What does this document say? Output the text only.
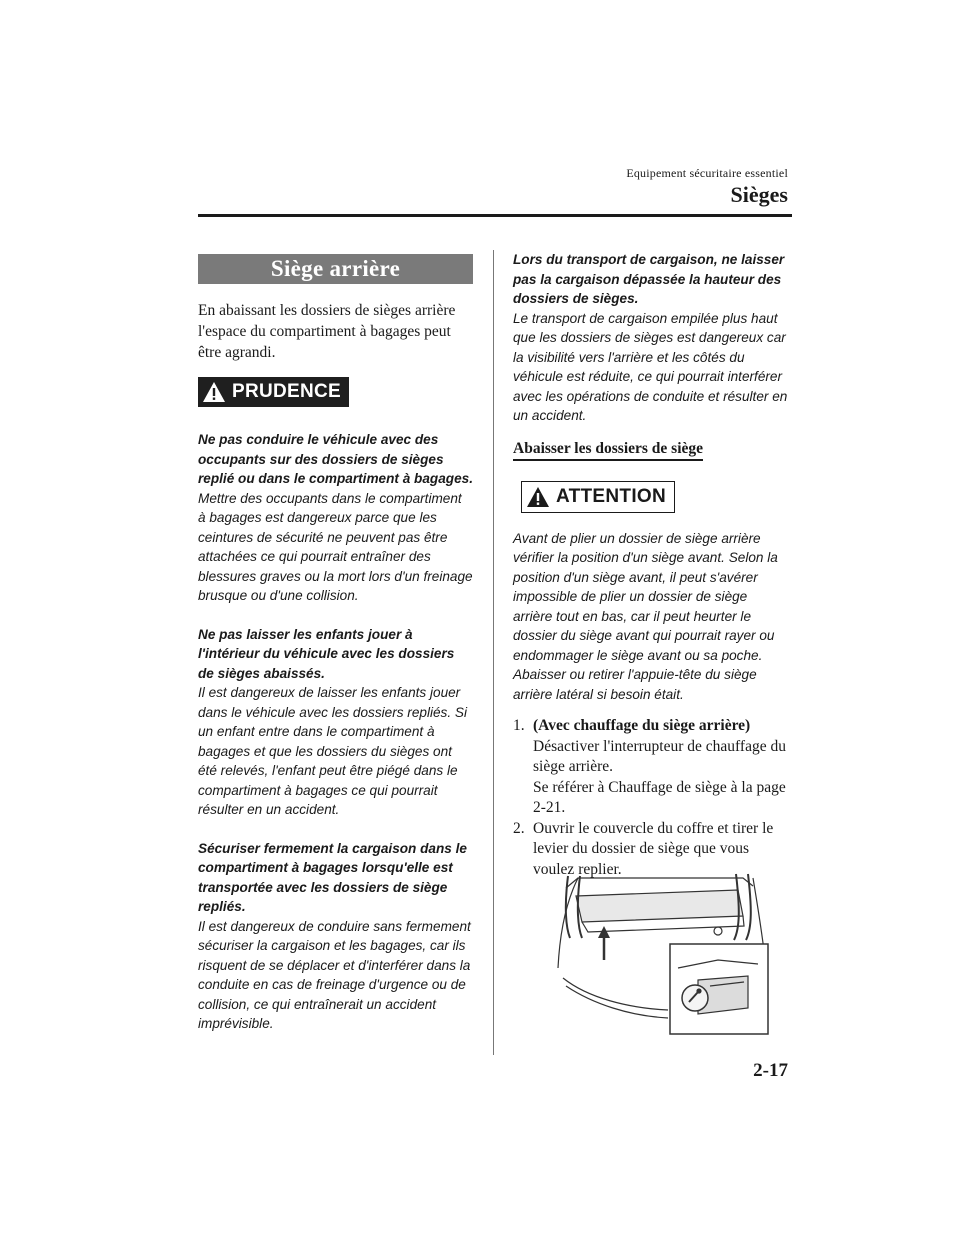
Equipement sécuritaire essentiel
Sièges
Siège arrière

En abaissant les dossiers de sièges arrière l'espace du compartiment à bagages peut être agrandi.

PRUDENCE

Ne pas conduire le véhicule avec des occupants sur des dossiers de sièges replié ou dans le compartiment à bagages.
Mettre des occupants dans le compartiment à bagages est dangereux parce que les ceintures de sécurité ne peuvent pas être attachées ce qui pourrait entraîner des blessures graves ou la mort lors d'un freinage brusque ou d'une collision.

Ne pas laisser les enfants jouer à l'intérieur du véhicule avec les dossiers de sièges abaissés.
Il est dangereux de laisser les enfants jouer dans le véhicule avec les dossiers repliés. Si un enfant entre dans le compartiment à bagages et que les dossiers du sièges ont été relevés, l'enfant peut être piégé dans le compartiment à bagages ce qui pourrait résulter en un accident.

Sécuriser fermement la cargaison dans le compartiment à bagages lorsqu'elle est transportée avec les dossiers de siège repliés.
Il est dangereux de conduire sans fermement sécuriser la cargaison et les bagages, car ils risquent de se déplacer et d'interférer dans la conduite en cas de freinage d'urgence ou de collision, ce qui entraînerait un accident imprévisible.

Lors du transport de cargaison, ne laisser pas la cargaison dépassée la hauteur des dossiers de sièges.
Le transport de cargaison empilée plus haut que les dossiers de sièges est dangereux car la visibilité vers l'arrière et les côtés du véhicule est réduite, ce qui pourrait interférer avec les opérations de conduite et résulter en un accident.

Abaisser les dossiers de siège
ATTENTION

Avant de plier un dossier de siège arrière vérifier la position d'un siège avant. Selon la position d'un siège avant, il peut s'avérer impossible de plier un dossier de siège arrière tout en bas, car il peut heurter le dossier du siège avant qui pourrait rayer ou endommager le siège avant ou sa poche. Abaisser ou retirer l'appuie-tête du siège arrière latéral si besoin était.

1. (Avec chauffage du siège arrière)
Désactiver l'interrupteur de chauffage du siège arrière.
Se référer à Chauffage de siège à la page 2-21.
2. Ouvrir le couvercle du coffre et tirer le levier du dossier de siège que vous voulez replier.
2-17
